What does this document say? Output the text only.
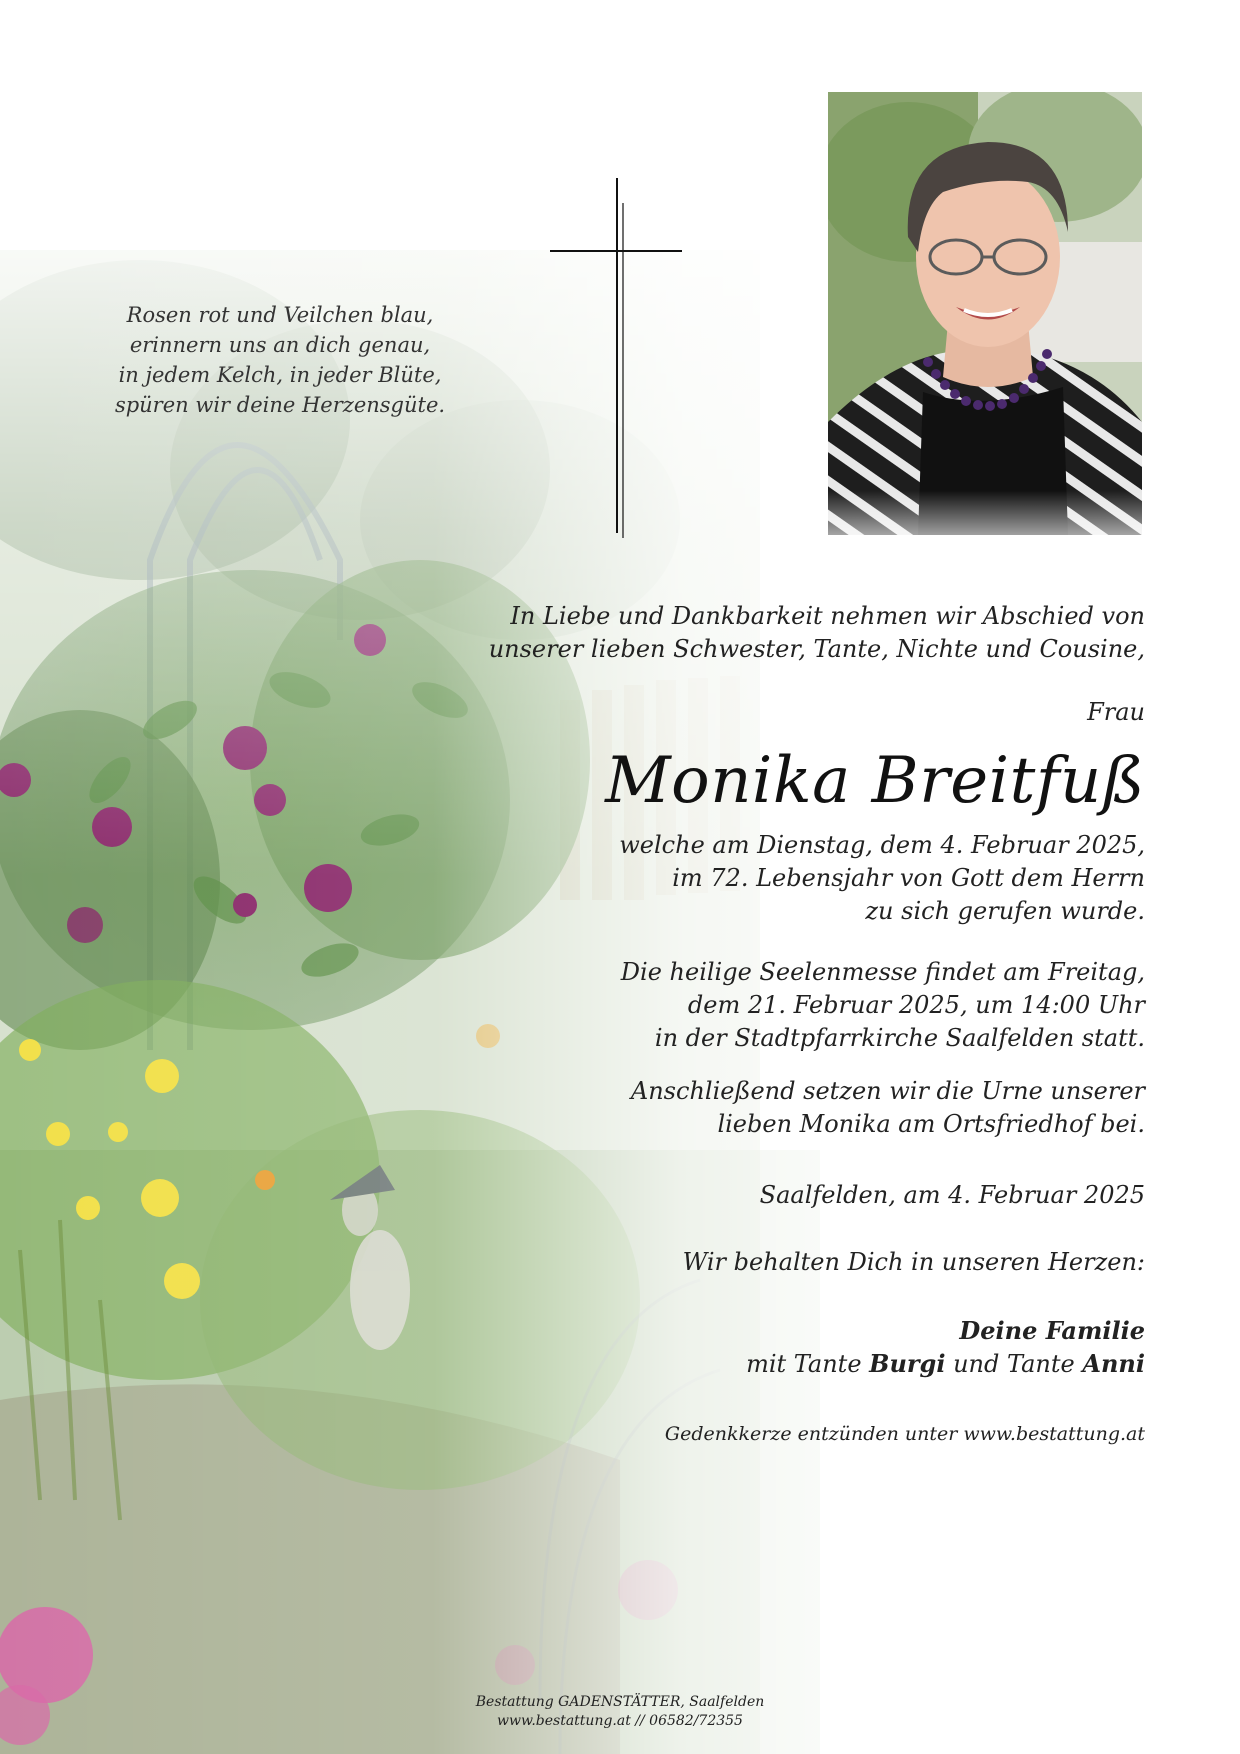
Rosen rot und Veilchen blau,
erinnern uns an dich genau,
in jedem Kelch, in jeder Blüte,
spüren wir deine Herzensgüte.
In Liebe und Dankbarkeit nehmen wir Abschied von
unserer lieben Schwester, Tante, Nichte und Cousine,
Frau
Monika Breitfuß
welche am Dienstag, dem 4. Februar 2025,
im 72. Lebensjahr von Gott dem Herrn
zu sich gerufen wurde.
Die heilige Seelenmesse findet am Freitag,
dem 21. Februar 2025, um 14:00 Uhr
in der Stadtpfarrkirche Saalfelden statt.
Anschließend setzen wir die Urne unserer
lieben Monika am Ortsfriedhof bei.
Saalfelden, am 4. Februar 2025
Wir behalten Dich in unseren Herzen:
Deine Familie
mit Tante Burgi und Tante Anni
Gedenkkerze entzünden unter www.bestattung.at
Bestattung GADENSTÄTTER, Saalfelden
www.bestattung.at // 06582/72355
